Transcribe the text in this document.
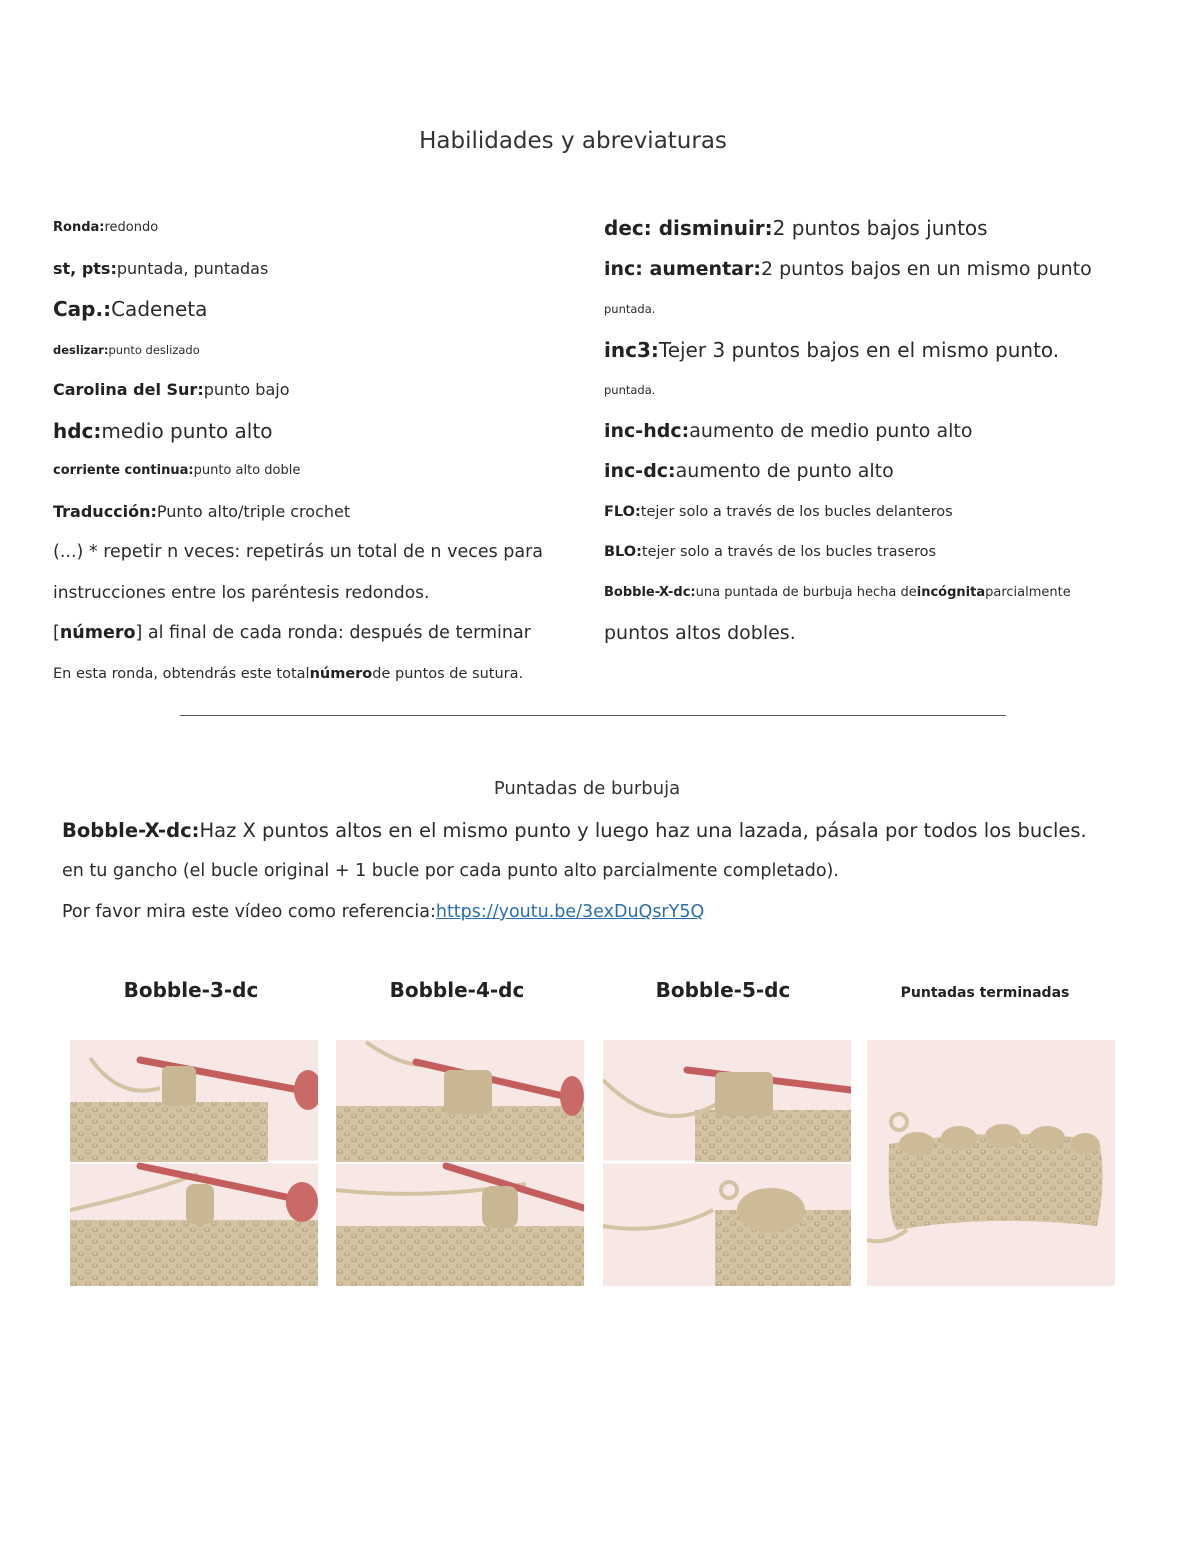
Habilidades y abreviaturas
Ronda:redondo
st, pts:puntada, puntadas
Cap.:Cadeneta
deslizar:punto deslizado
Carolina del Sur:punto bajo
hdc:medio punto alto
corriente continua:punto alto doble
Traducción:Punto alto/triple crochet
(...) * repetir n veces: repetirás un total de n veces para
instrucciones entre los paréntesis redondos.
[número] al final de cada ronda: después de terminar
En esta ronda, obtendrás este totalnúmerode puntos de sutura.
dec: disminuir:2 puntos bajos juntos
inc: aumentar:2 puntos bajos en un mismo punto
puntada.
inc3:Tejer 3 puntos bajos en el mismo punto.
puntada.
inc-hdc:aumento de medio punto alto
inc-dc:aumento de punto alto
FLO:tejer solo a través de los bucles delanteros
BLO:tejer solo a través de los bucles traseros
Bobble-X-dc:una puntada de burbuja hecha deincógnitaparcialmente
puntos altos dobles.
Puntadas de burbuja
Bobble-X-dc:Haz X puntos altos en el mismo punto y luego haz una lazada, pásala por todos los bucles.
en tu gancho (el bucle original + 1 bucle por cada punto alto parcialmente completado).
Por favor mira este vídeo como referencia:https://youtu.be/3exDuQsrY5Q
Bobble-3-dc	Bobble-4-dc	Bobble-5-dc	Puntadas terminadas
